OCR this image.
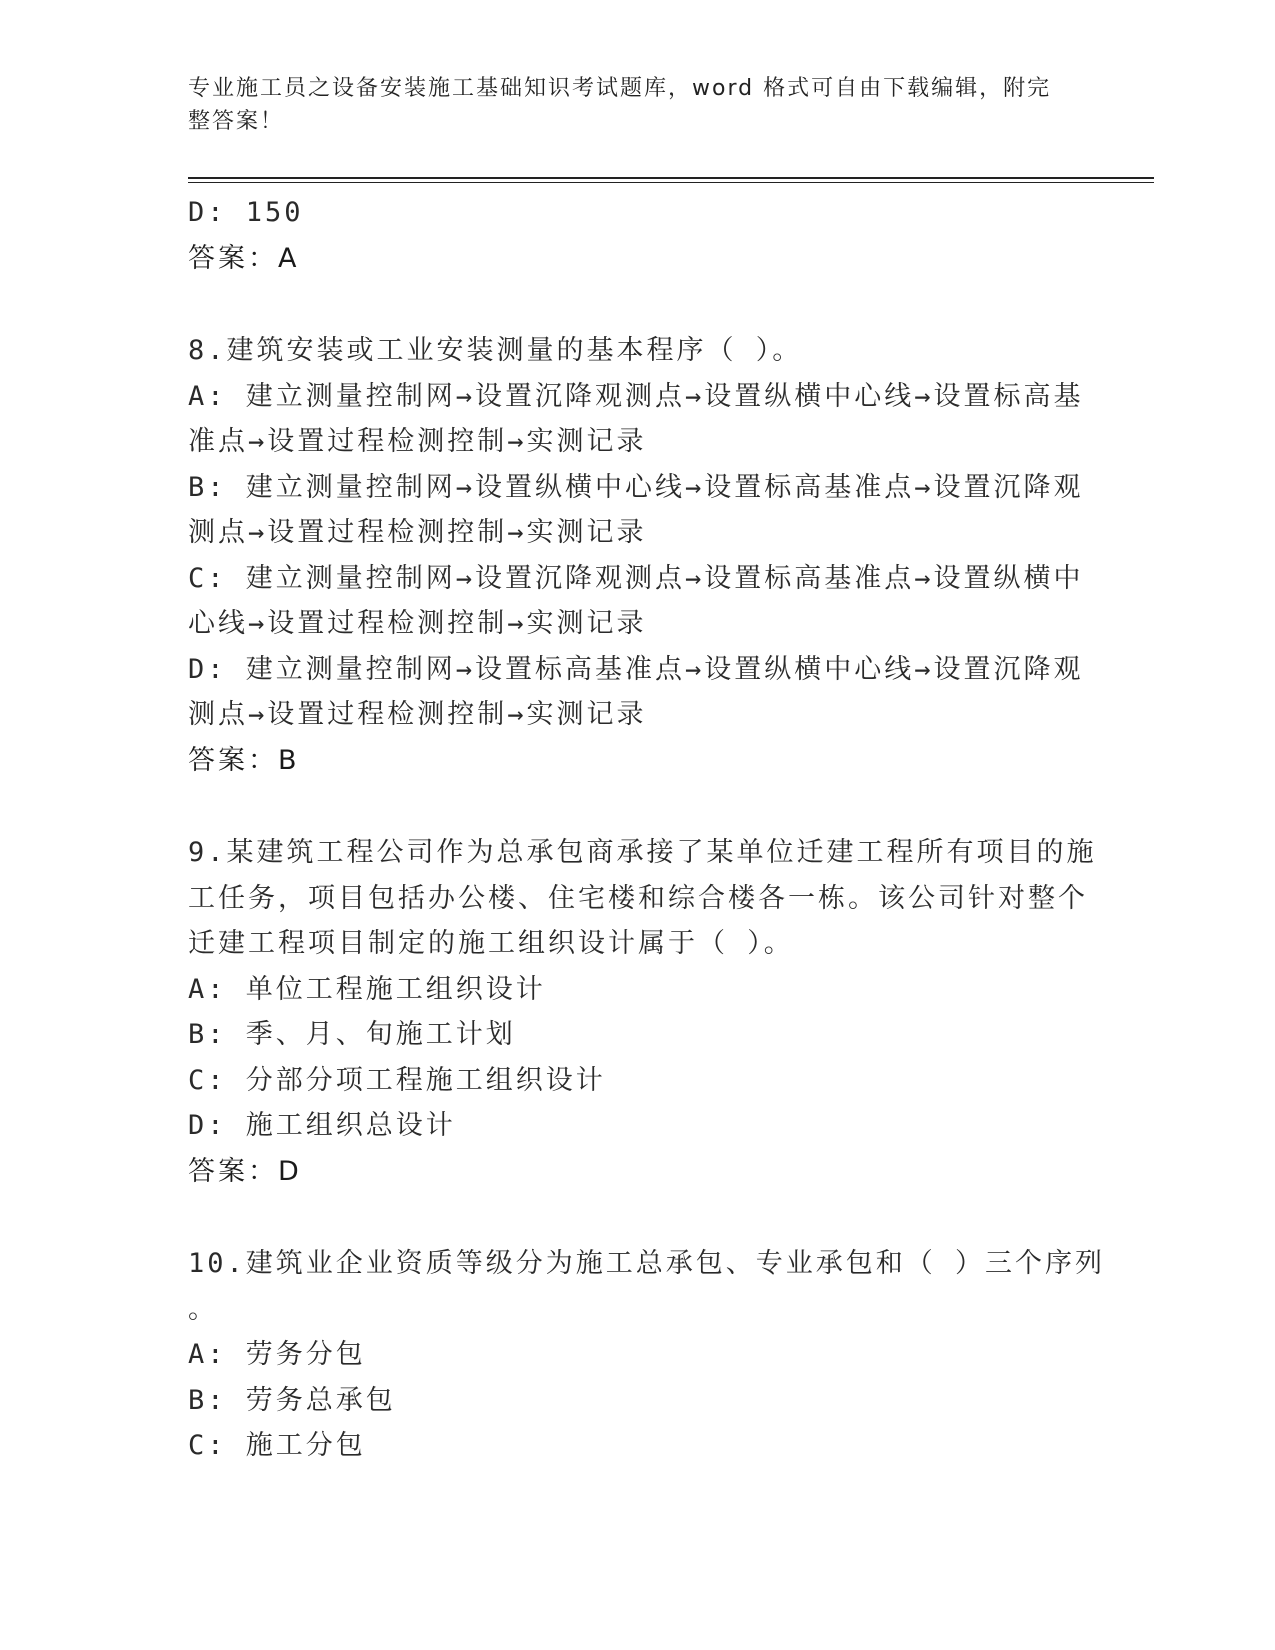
专业施工员之设备安装施工基础知识考试题库，word 格式可自由下载编辑，附完
整答案！
D: 150
答案：A
8.建筑安装或工业安装测量的基本程序（ ）。
A: 建立测量控制网→设置沉降观测点→设置纵横中心线→设置标高基
准点→设置过程检测控制→实测记录
B: 建立测量控制网→设置纵横中心线→设置标高基准点→设置沉降观
测点→设置过程检测控制→实测记录
C: 建立测量控制网→设置沉降观测点→设置标高基准点→设置纵横中
心线→设置过程检测控制→实测记录
D: 建立测量控制网→设置标高基准点→设置纵横中心线→设置沉降观
测点→设置过程检测控制→实测记录
答案：B
9.某建筑工程公司作为总承包商承接了某单位迁建工程所有项目的施
工任务，项目包括办公楼、住宅楼和综合楼各一栋。该公司针对整个
迁建工程项目制定的施工组织设计属于（ ）。
A: 单位工程施工组织设计
B: 季、月、旬施工计划
C: 分部分项工程施工组织设计
D: 施工组织总设计
答案：D
10.建筑业企业资质等级分为施工总承包、专业承包和（ ）三个序列
。
A: 劳务分包
B: 劳务总承包
C: 施工分包
